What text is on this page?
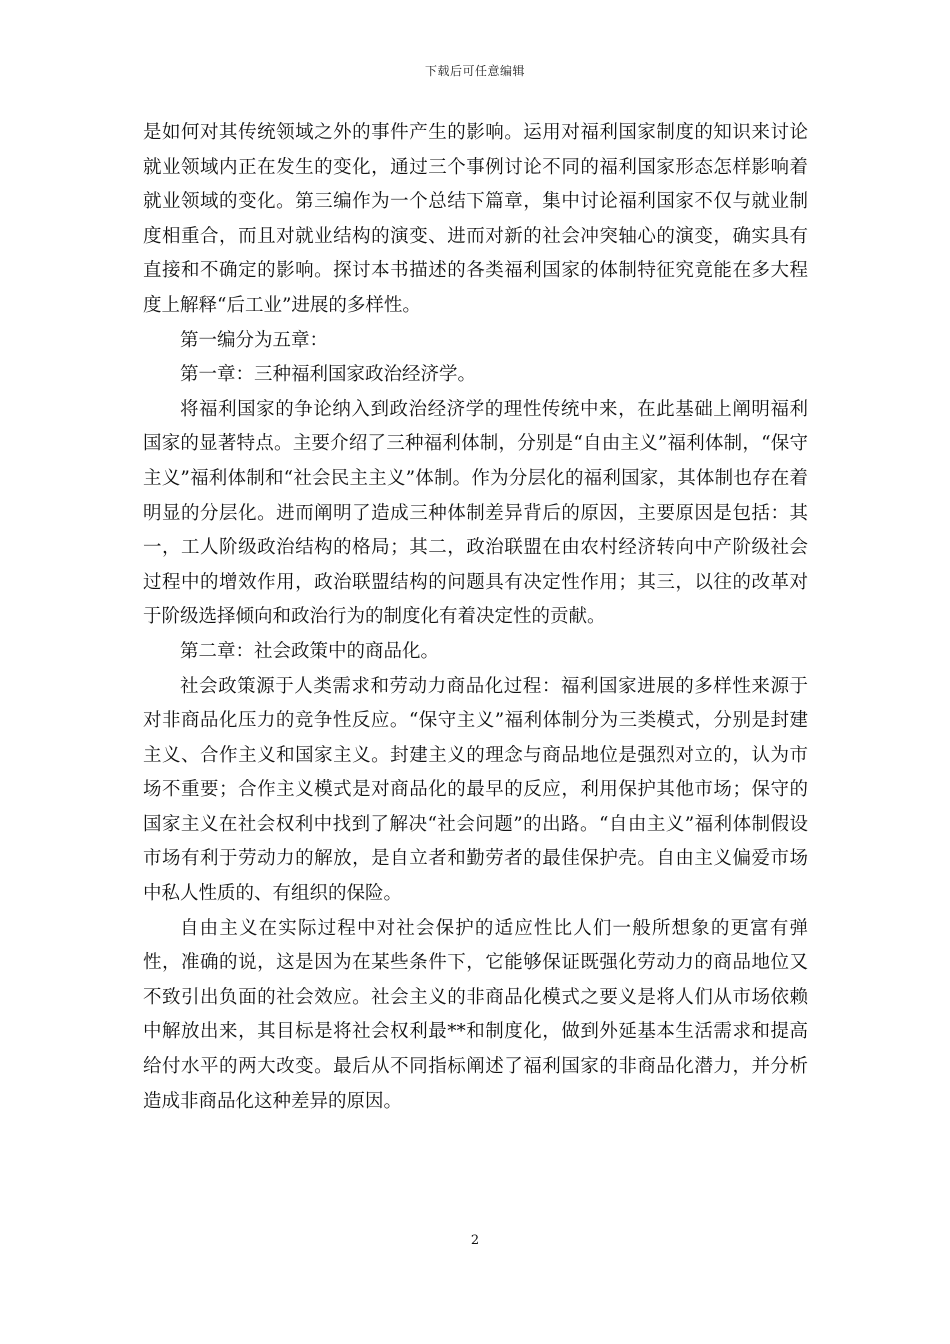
下载后可任意编辑

是如何对其传统领域之外的事件产生的影响。运用对福利国家制度的知识来讨论就业领域内正在发生的变化，通过三个事例讨论不同的福利国家形态怎样影响着就业领域的变化。第三编作为一个总结下篇章，集中讨论福利国家不仅与就业制度相重合，而且对就业结构的演变、进而对新的社会冲突轴心的演变，确实具有直接和不确定的影响。探讨本书描述的各类福利国家的体制特征究竟能在多大程度上解释“后工业”进展的多样性。

第一编分为五章：

第一章：三种福利国家政治经济学。

将福利国家的争论纳入到政治经济学的理性传统中来，在此基础上阐明福利国家的显著特点。主要介绍了三种福利体制，分别是“自由主义”福利体制，“保守主义”福利体制和“社会民主主义”体制。作为分层化的福利国家，其体制也存在着明显的分层化。进而阐明了造成三种体制差异背后的原因，主要原因是包括：其一，工人阶级政治结构的格局；其二，政治联盟在由农村经济转向中产阶级社会过程中的增效作用，政治联盟结构的问题具有决定性作用；其三，以往的改革对于阶级选择倾向和政治行为的制度化有着决定性的贡献。

第二章：社会政策中的商品化。

社会政策源于人类需求和劳动力商品化过程：福利国家进展的多样性来源于对非商品化压力的竞争性反应。“保守主义”福利体制分为三类模式，分别是封建主义、合作主义和国家主义。封建主义的理念与商品地位是强烈对立的，认为市场不重要；合作主义模式是对商品化的最早的反应，利用保护其他市场；保守的国家主义在社会权利中找到了解决“社会问题”的出路。“自由主义”福利体制假设市场有利于劳动力的解放，是自立者和勤劳者的最佳保护壳。自由主义偏爱市场中私人性质的、有组织的保险。

自由主义在实际过程中对社会保护的适应性比人们一般所想象的更富有弹性，准确的说，这是因为在某些条件下，它能够保证既强化劳动力的商品地位又不致引出负面的社会效应。社会主义的非商品化模式之要义是将人们从市场依赖中解放出来，其目标是将社会权利最**和制度化，做到外延基本生活需求和提高给付水平的两大改变。最后从不同指标阐述了福利国家的非商品化潜力，并分析造成非商品化这种差异的原因。

2
